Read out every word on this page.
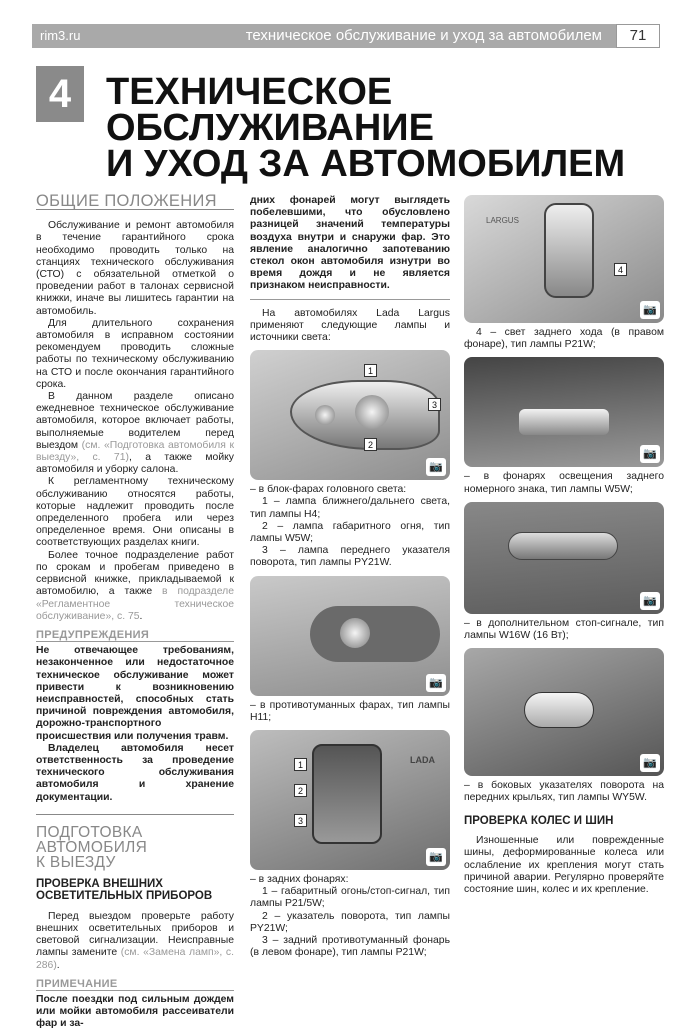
rim3.ru	техническое обслуживание и уход за автомобилем	71
4 ТЕХНИЧЕСКОЕ
ОБСЛУЖИВАНИЕ
И УХОД ЗА АВТОМОБИЛЕМ
ОБЩИЕ ПОЛОЖЕНИЯ

Обслуживание и ремонт автомобиля в течение гарантийного срока необходимо проводить только на станциях технического обслуживания (СТО) с обязательной отметкой о проведении работ в талонах сервисной книжки, иначе вы лишитесь гарантии на автомобиль.

Для длительного сохранения автомобиля в исправном состоянии рекомендуем проводить сложные работы по техническому обслуживанию на СТО и после окончания гарантийного срока.

В данном разделе описано ежедневное техническое обслуживание автомобиля, которое включает работы, выполняемые водителем перед выездом (см. «Подготовка автомобиля к выезду», с. 71), а также мойку автомобиля и уборку салона.

К регламентному техническому обслуживанию относятся работы, которые надлежит проводить после определенного пробега или через определенное время. Они описаны в соответствующих разделах книги.

Более точное подразделение работ по срокам и пробегам приведено в сервисной книжке, прикладываемой к автомобилю, а также в подразделе «Регламентное техническое обслуживание», с. 75.

ПРЕДУПРЕЖДЕНИЯ
Не отвечающее требованиям, незаконченное или недостаточное техническое обслуживание может привести к возникновению неисправностей, способных стать причиной повреждения автомобиля, дорожно-транспортного происшествия или получения травм.
Владелец автомобиля несет ответственность за проведение технического обслуживания автомобиля и хранение документации.
ПОДГОТОВКА
АВТОМОБИЛЯ
К ВЫЕЗДУ
ПРОВЕРКА ВНЕШНИХ ОСВЕТИТЕЛЬНЫХ ПРИБОРОВ

Перед выездом проверьте работу внешних осветительных приборов и световой сигнализации. Неисправные лампы замените (см. «Замена ламп», с. 286).

ПРИМЕЧАНИЕ
После поездки под сильным дождем или мойки автомобиля рассеиватели фар и за-
дних фонарей могут выглядеть побелевшими, что обусловлено разницей значений температуры воздуха внутри и снаружи фар. Это явление аналогично запотеванию стекол окон автомобиля изнутри во время дождя и не является признаком неисправности.

На автомобилях Lada Largus применяют следующие лампы и источники света:

1
2
3
📷
– в блок-фарах головного света:

1 – лампа ближнего/дальнего света, тип лампы H4;

2 – лампа габаритного огня, тип лампы W5W;

3 – лампа переднего указателя поворота, тип лампы PY21W.

📷
– в противотуманных фарах, тип лампы H11;
LADA
1
2
3
📷
– в задних фонарях:

1 – габаритный огонь/стоп-сигнал, тип лампы P21/5W;

2 – указатель поворота, тип лампы PY21W;

3 – задний противотуманный фонарь (в левом фонаре), тип лампы P21W;

LARGUS
4
📷

4 – свет заднего хода (в правом фонаре), тип лампы P21W;

📷
– в фонарях освещения заднего номерного знака, тип лампы W5W;
📷
– в дополнительном стоп-сигнале, тип лампы W16W (16 Вт);
📷
– в боковых указателях поворота на передних крыльях, тип лампы WY5W.
ПРОВЕРКА КОЛЕС И ШИН

Изношенные или поврежденные шины, деформированные колеса или ослабление их крепления могут стать причиной аварии. Регулярно проверяйте состояние шин, колес и их крепление.
